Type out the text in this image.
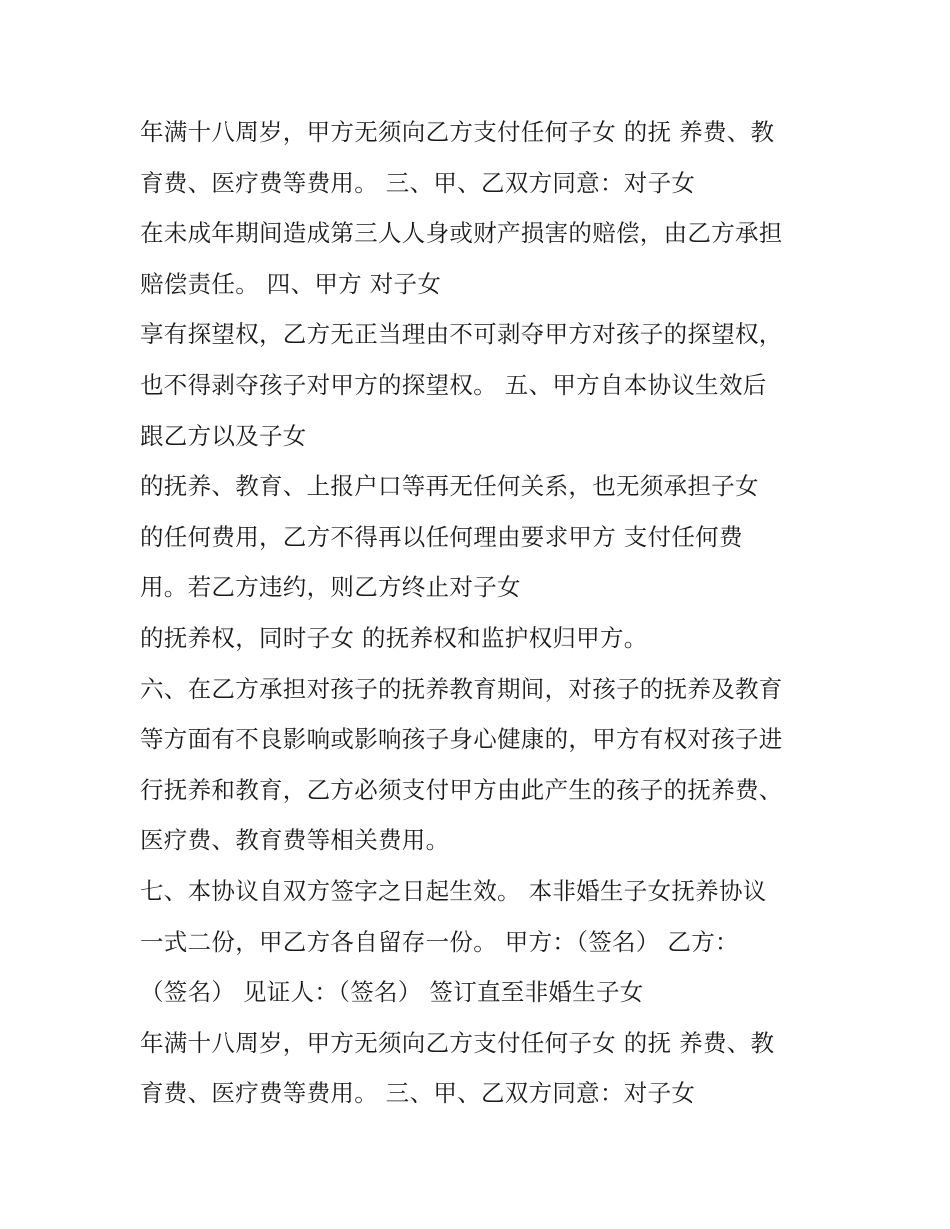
年满十八周岁，甲方无须向乙方支付任何子女 的抚 养费、教
育费、医疗费等费用。 三、甲、乙双方同意：对子女
在未成年期间造成第三人人身或财产损害的赔偿，由乙方承担
赔偿责任。 四、甲方 对子女
享有探望权，乙方无正当理由不可剥夺甲方对孩子的探望权，
也不得剥夺孩子对甲方的探望权。 五、甲方自本协议生效后
跟乙方以及子女
的抚养、教育、上报户口等再无任何关系，也无须承担子女
的任何费用，乙方不得再以任何理由要求甲方 支付任何费
用。若乙方违约，则乙方终止对子女
的抚养权，同时子女 的抚养权和监护权归甲方。
六、在乙方承担对孩子的抚养教育期间，对孩子的抚养及教育
等方面有不良影响或影响孩子身心健康的，甲方有权对孩子进
行抚养和教育，乙方必须支付甲方由此产生的孩子的抚养费、
医疗费、教育费等相关费用。
七、本协议自双方签字之日起生效。 本非婚生子女抚养协议
一式二份，甲乙方各自留存一份。 甲方：（签名） 乙方：
（签名） 见证人：（签名） 签订直至非婚生子女
年满十八周岁，甲方无须向乙方支付任何子女 的抚 养费、教
育费、医疗费等费用。 三、甲、乙双方同意：对子女
